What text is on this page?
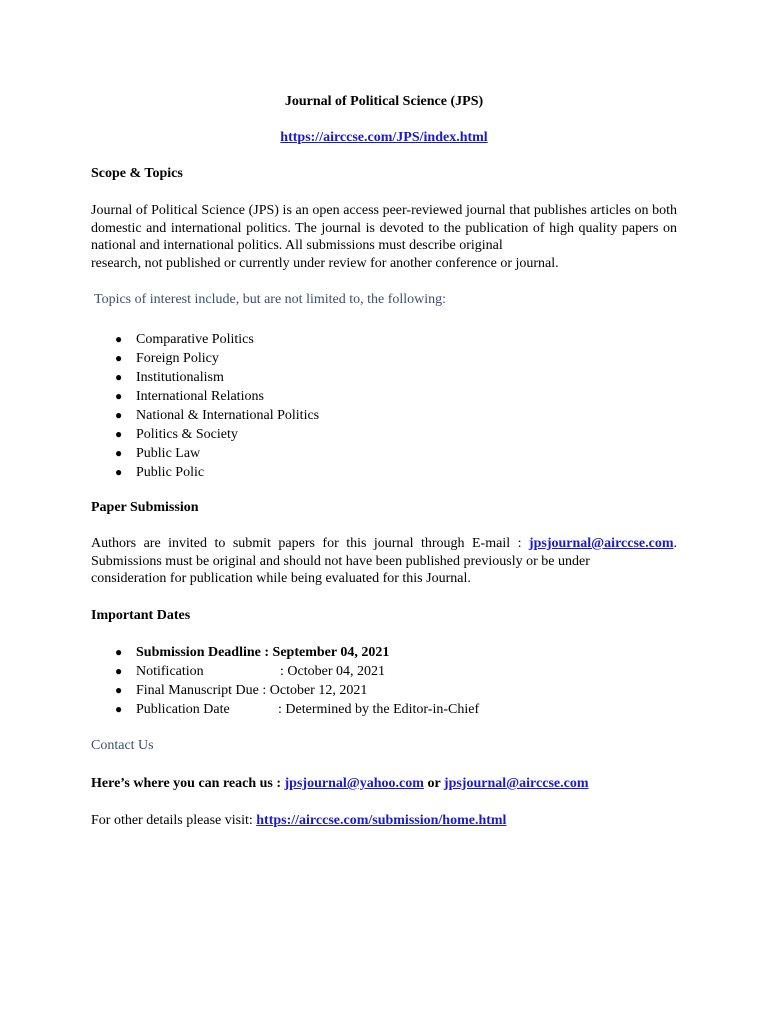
Journal of Political Science (JPS)
https://airccse.com/JPS/index.html
Scope & Topics
Journal of Political Science (JPS) is an open access peer-reviewed journal that publishes articles on both domestic and international politics. The journal is devoted to the publication of high quality papers on national and international politics. All submissions must describe original
research, not published or currently under review for another conference or journal.
Topics of interest include, but are not limited to, the following:
● Comparative Politics
● Foreign Policy
● Institutionalism
● International Relations
● National & International Politics
● Politics & Society
● Public Law
● Public Polic
Paper Submission
Authors are invited to submit papers for this journal through E-mail : jpsjournal@airccse.com. Submissions must be original and should not have been published previously or be under
consideration for publication while being evaluated for this Journal.
Important Dates
● Submission Deadline : September 04, 2021
● Notification	: October 04, 2021
● Final Manuscript Due : October 12, 2021
● Publication Date	: Determined by the Editor-in-Chief
Contact Us
Here’s where you can reach us : jpsjournal@yahoo.com or jpsjournal@airccse.com
For other details please visit: https://airccse.com/submission/home.html
